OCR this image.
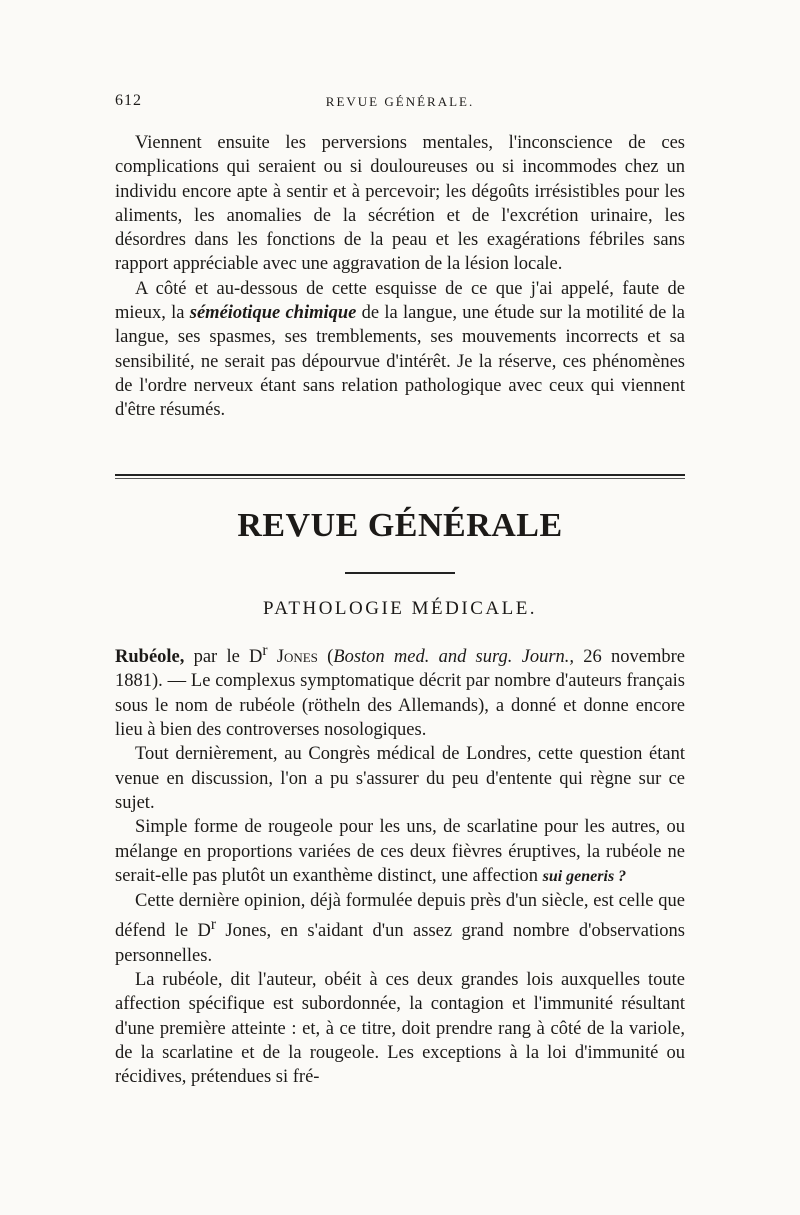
612	REVUE GÉNÉRALE.

Viennent ensuite les perversions mentales, l'inconscience de ces complications qui seraient ou si douloureuses ou si incommodes chez un individu encore apte à sentir et à percevoir; les dégoûts irrésistibles pour les aliments, les anomalies de la sécrétion et de l'excrétion urinaire, les désordres dans les fonctions de la peau et les exagérations fébriles sans rapport appréciable avec une aggravation de la lésion locale.

A côté et au-dessous de cette esquisse de ce que j'ai appelé, faute de mieux, la séméiotique chimique de la langue, une étude sur la motilité de la langue, ses spasmes, ses tremblements, ses mouvements incorrects et sa sensibilité, ne serait pas dépourvue d'intérêt. Je la réserve, ces phénomènes de l'ordre nerveux étant sans relation pathologique avec ceux qui viennent d'être résumés.

REVUE GÉNÉRALE
PATHOLOGIE MÉDICALE.

Rubéole, par le $D^r$ Jones (Boston med. and surg. Journ., 26 novembre 1881). — Le complexus symptomatique décrit par nombre d'auteurs français sous le nom de rubéole (rötheln des Allemands), a donné et donne encore lieu à bien des controverses nosologiques.

Tout dernièrement, au Congrès médical de Londres, cette question étant venue en discussion, l'on a pu s'assurer du peu d'entente qui règne sur ce sujet.

Simple forme de rougeole pour les uns, de scarlatine pour les autres, ou mélange en proportions variées de ces deux fièvres éruptives, la rubéole ne serait-elle pas plutôt un exanthème distinct, une affection sui generis ?

Cette dernière opinion, déjà formulée depuis près d'un siècle, est celle que défend le $D^r$ Jones, en s'aidant d'un assez grand nombre d'observations personnelles.

La rubéole, dit l'auteur, obéit à ces deux grandes lois auxquelles toute affection spécifique est subordonnée, la contagion et l'immunité résultant d'une première atteinte : et, à ce titre, doit prendre rang à côté de la variole, de la scarlatine et de la rougeole. Les exceptions à la loi d'immunité ou récidives, prétendues si fré-
